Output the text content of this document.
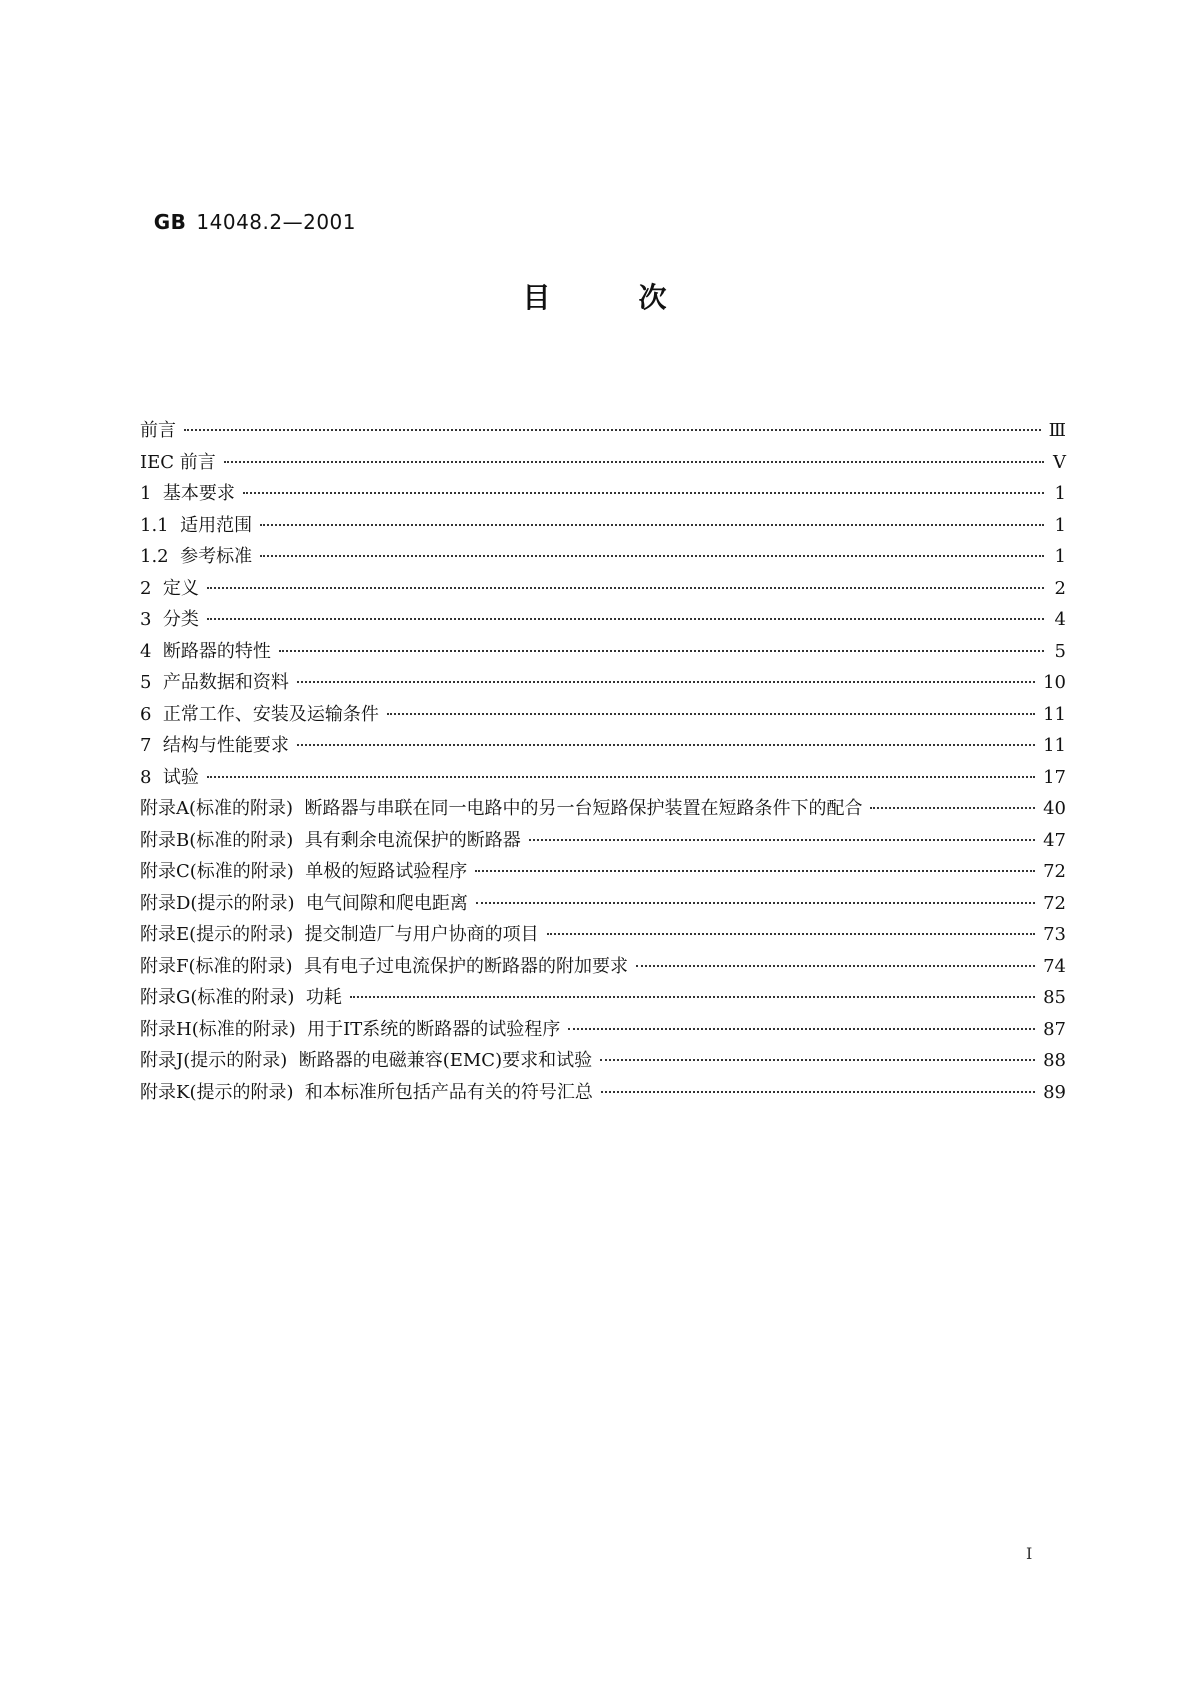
GB 14048.2—2001

目	次
前言	Ⅲ
IEC 前言	Ⅴ
1  基本要求	1
1.1  适用范围	1
1.2  参考标准	1
2  定义	2
3  分类	4
4  断路器的特性	5
5  产品数据和资料	10
6  正常工作、安装及运输条件	11
7  结构与性能要求	11
8  试验	17
附录A(标准的附录)  断路器与串联在同一电路中的另一台短路保护装置在短路条件下的配合	40
附录B(标准的附录)  具有剩余电流保护的断路器	47
附录C(标准的附录)  单极的短路试验程序	72
附录D(提示的附录)  电气间隙和爬电距离	72
附录E(提示的附录)  提交制造厂与用户协商的项目	73
附录F(标准的附录)  具有电子过电流保护的断路器的附加要求	74
附录G(标准的附录)  功耗	85
附录H(标准的附录)  用于IT系统的断路器的试验程序	87
附录J(提示的附录)  断路器的电磁兼容(EMC)要求和试验	88
附录K(提示的附录)  和本标准所包括产品有关的符号汇总	89
I
